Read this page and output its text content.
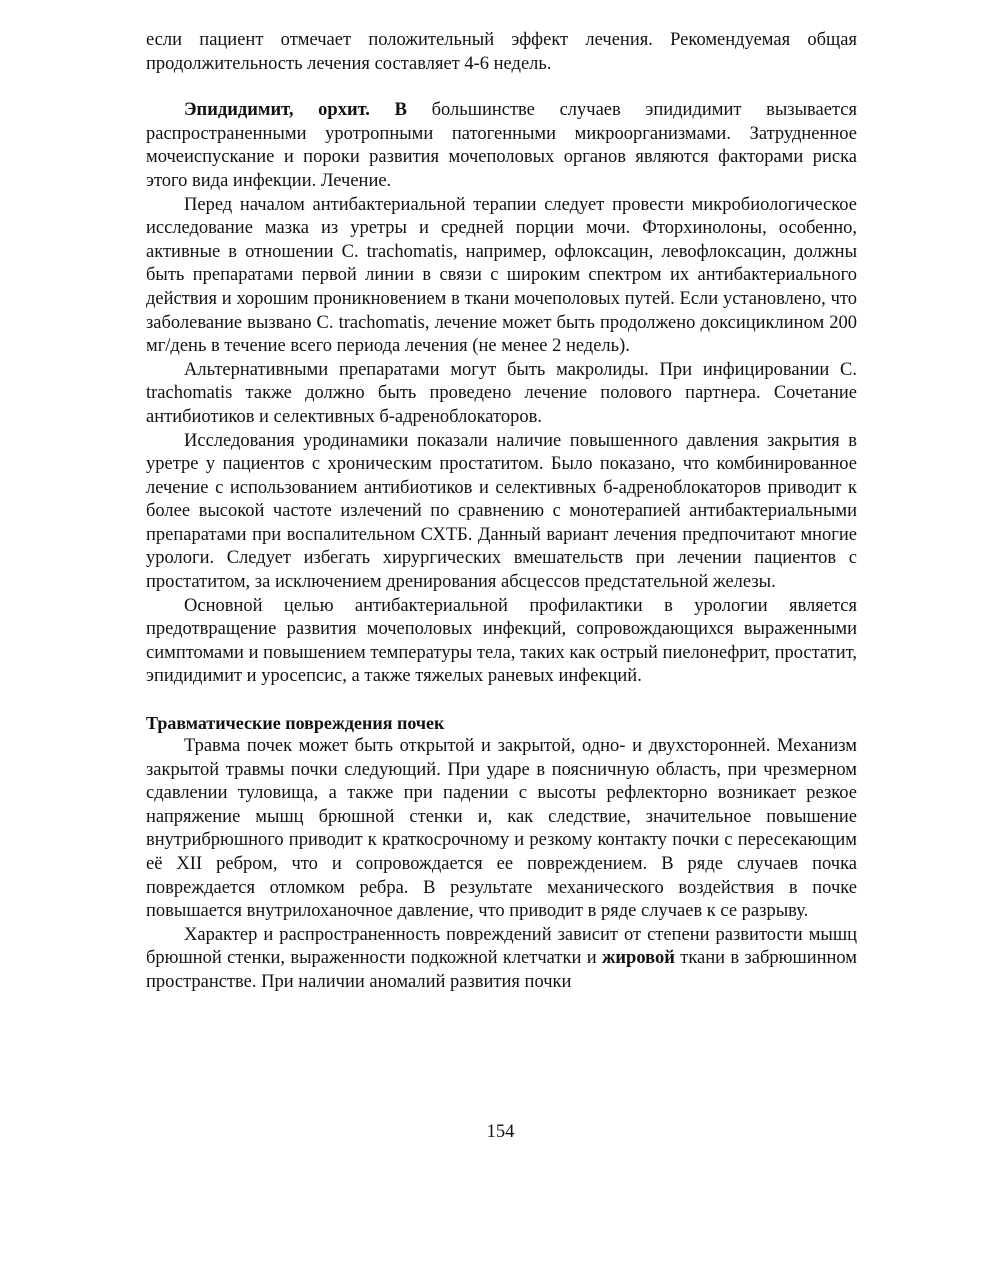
если пациент отмечает положительный эффект лечения. Рекомендуемая общая продолжительность лечения составляет 4-6 недель.

Эпидидимит, орхит. В большинстве случаев эпидидимит вызывается распространенными уротропными патогенными микроорганизмами. Затрудненное мочеиспускание и пороки развития мочеполовых органов являются факторами риска этого вида инфекции. Лечение.

Перед началом антибактериальной терапии следует провести микробиологическое исследование мазка из уретры и средней порции мочи. Фторхинолоны, особенно, активные в отношении C. trachomatis, например, офлоксацин, левофлоксацин, должны быть препаратами первой линии в связи с широким спектром их антибактериального действия и хорошим проникновением в ткани мочеполовых путей. Если установлено, что заболевание вызвано C. trachomatis, лечение может быть продолжено доксициклином 200 мг/день в течение всего периода лечения (не менее 2 недель).

Альтернативными препаратами могут быть макролиды. При инфицировании C. trachomatis также должно быть проведено лечение полового партнера. Сочетание антибиотиков и селективных б-адреноблокаторов.

Исследования уродинамики показали наличие повышенного давления закрытия в уретре у пациентов с хроническим простатитом. Было показано, что комбинированное лечение с использованием антибиотиков и селективных б-адреноблокаторов приводит к более высокой частоте излечений по сравнению с монотерапией антибактериальными препаратами при воспалительном СХТБ. Данный вариант лечения предпочитают многие урологи. Следует избегать хирургических вмешательств при лечении пациентов с простатитом, за исключением дренирования абсцессов предстательной железы.

Основной целью антибактериальной профилактики в урологии является предотвращение развития мочеполовых инфекций, сопровождающихся выраженными симптомами и повышением температуры тела, таких как острый пиелонефрит, простатит, эпидидимит и уросепсис, а также тяжелых раневых инфекций.

Травматические повреждения почек

Травма почек может быть открытой и закрытой, одно- и двухсторонней. Механизм закрытой травмы почки следующий. При ударе в поясничную область, при чрезмерном сдавлении туловища, а также при падении с высоты рефлекторно возникает резкое напряжение мышц брюшной стенки и, как следствие, значительное повышение внутрибрюшного приводит к краткосрочному и резкому контакту почки с пересекающим её XII ребром, что и сопровождается ее повреждением. В ряде случаев почка повреждается отломком ребра. В результате механического воздействия в почке повышается внутрилоханочное давление, что приводит в ряде случаев к се разрыву.

Характер и распространенность повреждений зависит от степени развитости мышц брюшной стенки, выраженности подкожной клетчатки и жировой ткани в забрюшинном пространстве. При наличии аномалий развития почки

154
